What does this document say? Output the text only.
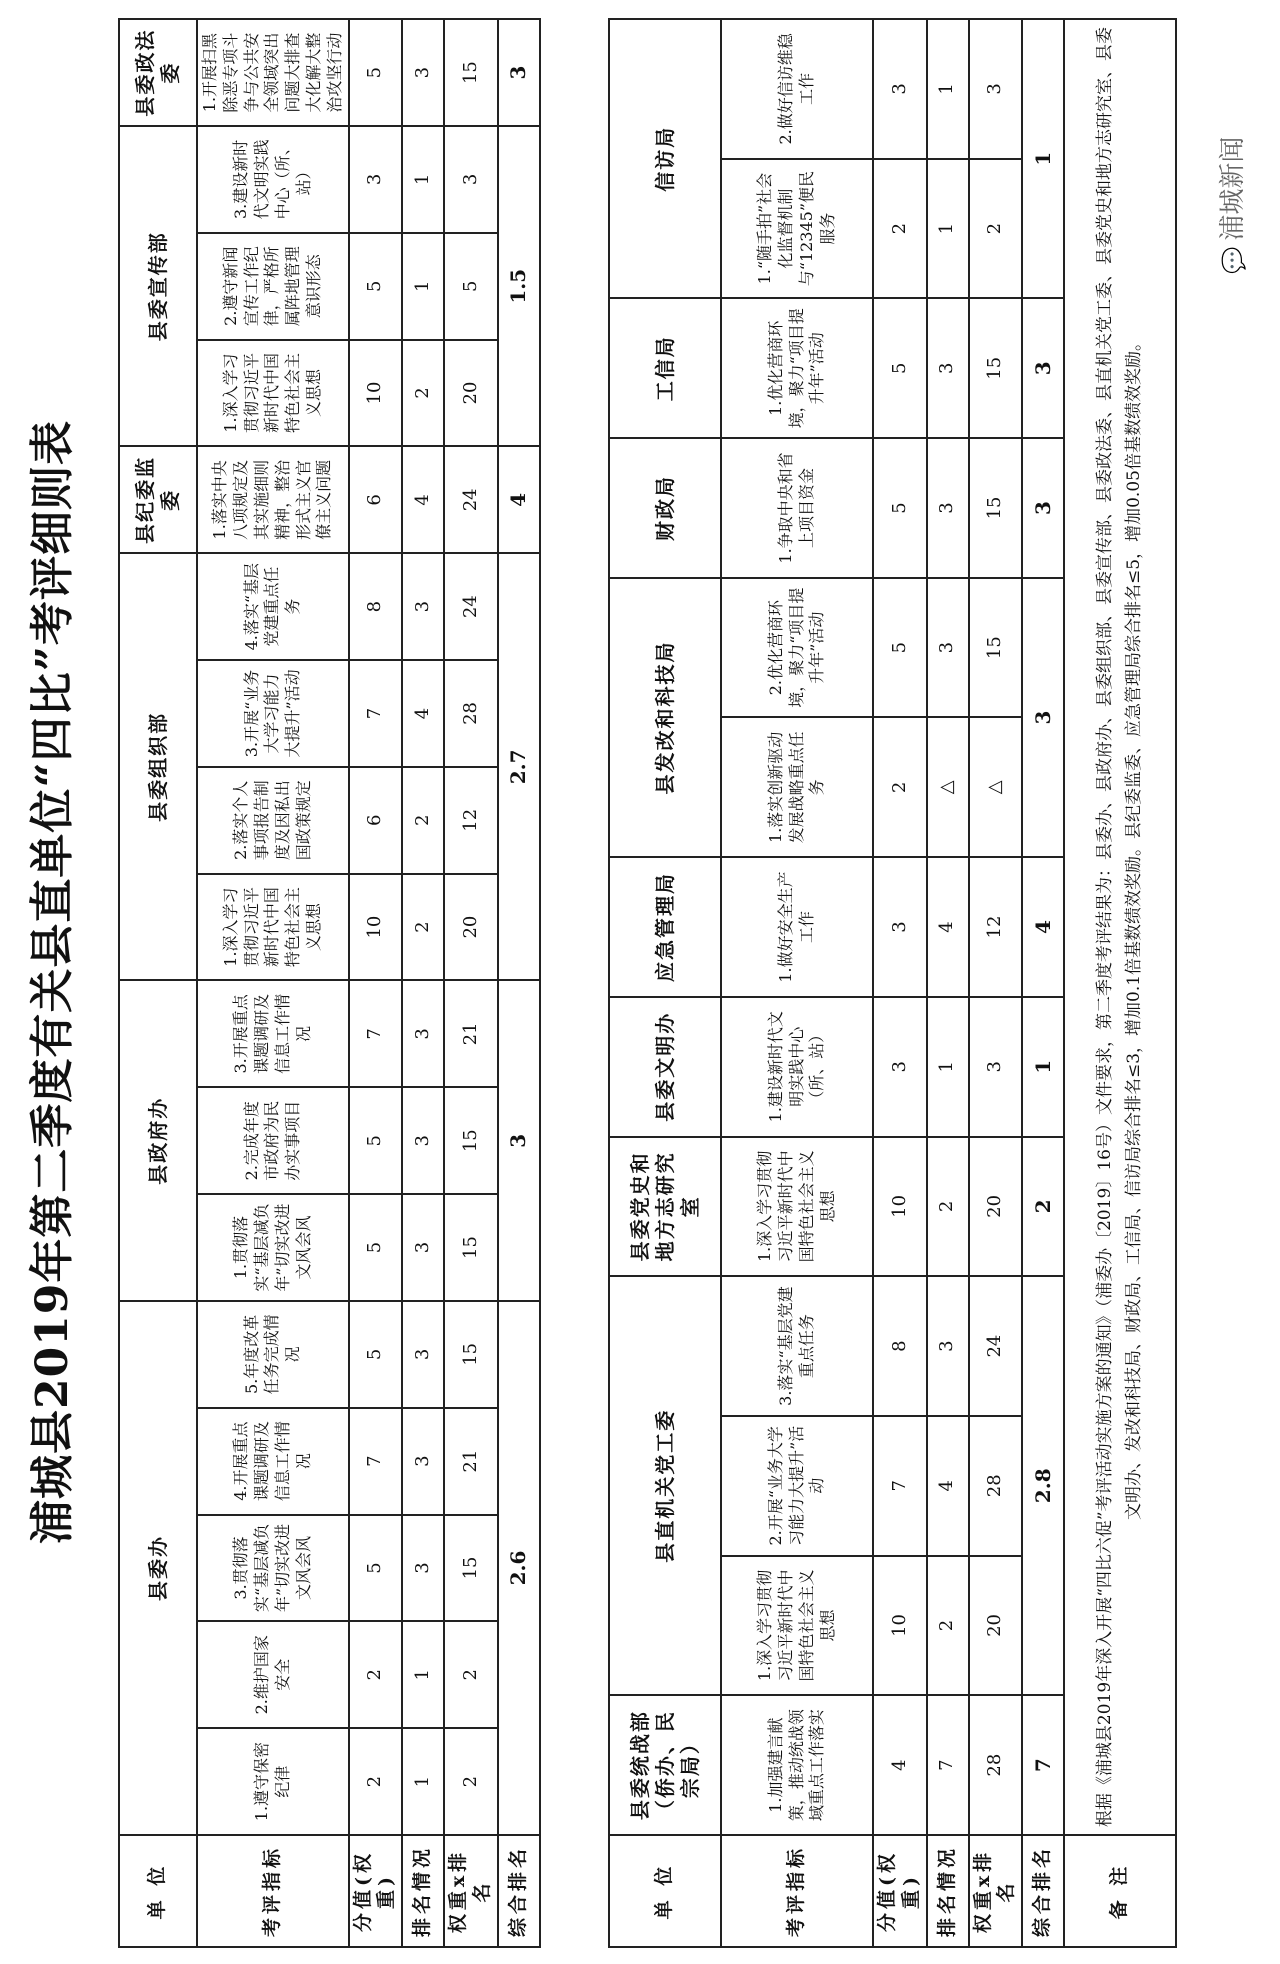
浦城县2019年第二季度有关县直单位“四比”考评细则表
单 位	县委办					县政府办			县委组织部				县纪委监委	县委宣传部			县委政法委

考评指标	1.遵守保密纪律	2.维护国家安全	3.贯彻落实“基层减负年”切实改进文风会风	4.开展重点课题调研及信息工作情况	5.年度改革任务完成情况	1.贯彻落实“基层减负年”切实改进文风会风	2.完成年度市政府为民办实事项目	3.开展重点课题调研及信息工作情况	1.深入学习贯彻习近平新时代中国特色社会主义思想	2.落实个人事项报告制度及因私出国政策规定	3.开展“业务大学习能力大提升”活动	4.落实“基层党建重点任务	1.落实中央八项规定及其实施细则精神，整治形式主义官僚主义问题	1.深入学习贯彻习近平新时代中国特色社会主义思想	2.遵守新闻宣传工作纪律，严格所属阵地管理意识形态	3.建设新时代文明实践中心（所、站）	1.开展扫黑除恶专项斗争与公共安全领域突出问题大排查大化解大整治攻坚行动
分值(权重)	2	2	5	7	5	5	5	7	10	6	7	8	6	10	5	3	5
排名情况	1	1	3	3	3	3	3	3	2	2	4	3	4	2	1	1	3
权重x排名	2	2	15	21	15	15	15	21	20	12	28	24	24	20	5	3	15
综合排名	2.6					3			2.7				4	1.5			3
单 位	县委统战部 （侨办、民宗局）	县直机关党工委			县委党史和地方志研究室	县委文明办	应急管理局	县发改和科技局		财政局	工信局	信访局	

考评指标	1.加强建言献策，推动统战领域重点工作落实	1.深入学习贯彻习近平新时代中国特色社会主义思想	2.开展“业务大学习能力大提升”活动	3.落实“基层党建重点任务	1.深入学习贯彻习近平新时代中国特色社会主义思想	1.建设新时代文明实践中心（所、站）	1.做好安全生产工作	1.落实创新驱动发展战略重点任务	2.优化营商环境，聚力“项目提升年”活动	1.争取中央和省上项目资金	1.优化营商环境，聚力“项目提升年”活动	1.“随手拍”社会化监督机制与“12345”便民服务	2.做好信访维稳工作
分值(权重)	4	10	7	8	10	3	3	2	5	5	5	2	3
排名情况	7	2	4	3	2	1	4	△	3	3	3	1	1
权重x排名	28	20	28	24	20	3	12	△	15	15	15	2	3
综合排名	7	2.8			2	1	4	3		3	3	1	
备 注	根据《浦城县2019年深入开展“四比六促”考评活动实施方案的通知》（浦委办〔2019〕16号）文件要求，第二季度考评结果为：县委办、县政府办、县委组织部、县委宣传部、县委政法委、县直机关党工委、县委党史和地方志研究室、县委文明办、发改和科技局、财政局、工信局、信访局综合排名≤3，增加0.1倍基数绩效奖励。县纪委监委、应急管理局综合排名≤5，增加0.05倍基数绩效奖励。												
💬浦城新闻
